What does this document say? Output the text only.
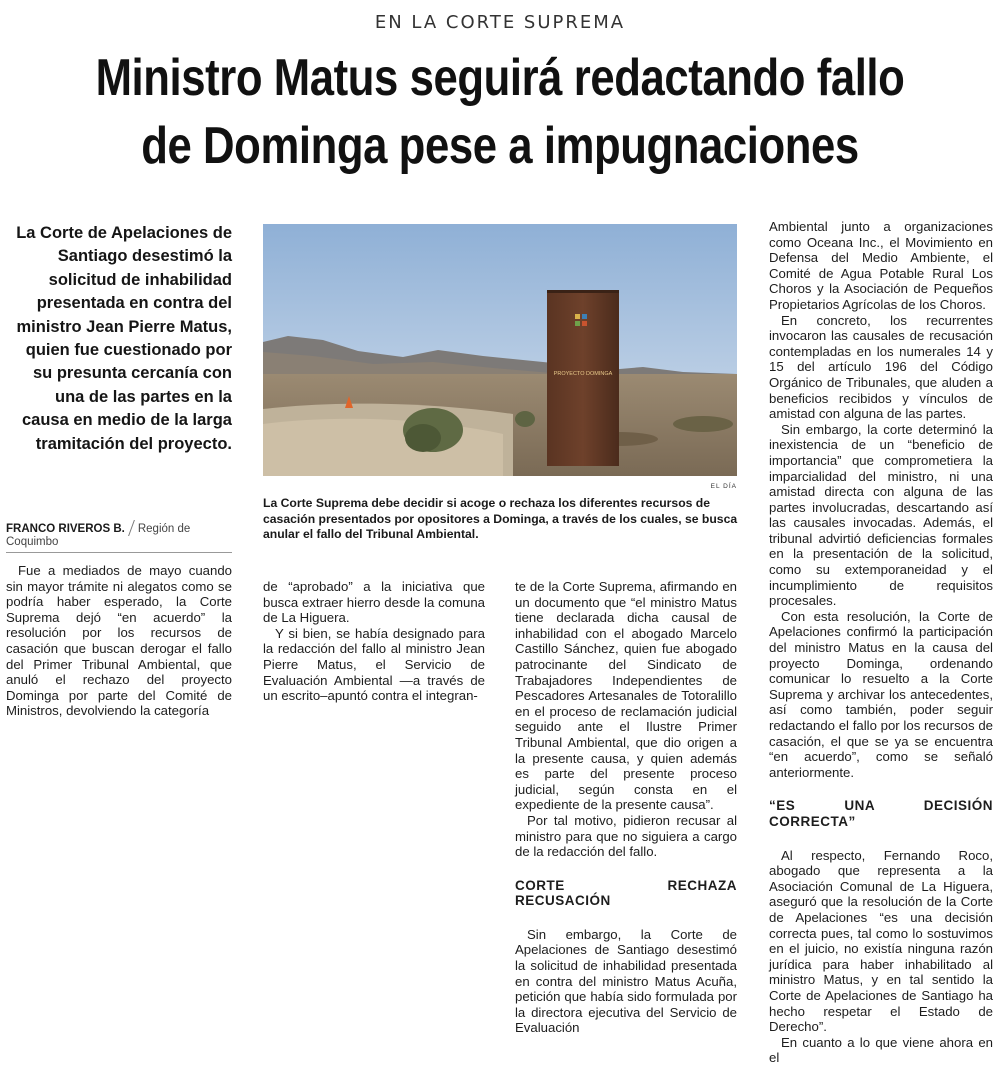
EN LA CORTE SUPREMA
Ministro Matus seguirá redactando fallo
de Dominga pese a impugnaciones
La Corte de Apelaciones de Santiago desestimó la solicitud de inhabilidad presentada en contra del ministro Jean Pierre Matus, quien fue cuestionado por su presunta cercanía con una de las partes en la causa en medio de la larga tramitación del proyecto.
FRANCO RIVEROS B. Región de Coquimbo
PROYECTO DOMINGA
EL DÍA
La Corte Suprema debe decidir si acoge o rechaza los diferentes recursos de casación presentados por opositores a Dominga, a través de los cuales, se busca anular el fallo del Tribunal Ambiental.

Fue a mediados de mayo cuando sin mayor trámite ni alegatos como se podría haber esperado, la Corte Suprema dejó “en acuerdo” la resolución por los recursos de casación que buscan derogar el fallo del Primer Tribunal Ambiental, que anuló el rechazo del proyecto Dominga por parte del Comité de Ministros, devolviendo la categoría

de “aprobado” a la iniciativa que busca extraer hierro desde la comuna de La Higuera.

Y si bien, se había designado para la redacción del fallo al ministro Jean Pierre Matus, el Servicio de Evaluación Ambiental —a través de un escrito–apuntó contra el integran-

te de la Corte Suprema, afirmando en un documento que “el ministro Matus tiene declarada dicha causal de inhabilidad con el abogado Marcelo Castillo Sánchez, quien fue abogado patrocinante del Sindicato de Trabajadores Independientes de Pescadores Artesanales de Totoralillo en el proceso de reclamación judicial seguido ante el Ilustre Primer Tribunal Ambiental, que dio origen a la presente causa, y quien además es parte del presente proceso judicial, según consta en el expediente de la presente causa”.

Por tal motivo, pidieron recusar al ministro para que no siguiera a cargo de la redacción del fallo.

CORTE RECHAZA RECUSACIÓN

Sin embargo, la Corte de Apelaciones de Santiago desestimó la solicitud de inhabilidad presentada en contra del ministro Matus Acuña, petición que había sido formulada por la directora ejecutiva del Servicio de Evaluación

Ambiental junto a organizaciones como Oceana Inc., el Movimiento en Defensa del Medio Ambiente, el Comité de Agua Potable Rural Los Choros y la Asociación de Pequeños Propietarios Agrícolas de los Choros.

En concreto, los recurrentes invocaron las causales de recusación contempladas en los numerales 14 y 15 del artículo 196 del Código Orgánico de Tribunales, que aluden a beneficios recibidos y vínculos de amistad con alguna de las partes.

Sin embargo, la corte determinó la inexistencia de un “beneficio de importancia” que comprometiera la imparcialidad del ministro, ni una amistad directa con alguna de las partes involucradas, descartando así las causales invocadas. Además, el tribunal advirtió deficiencias formales en la presentación de la solicitud, como su extemporaneidad y el incumplimiento de requisitos procesales.

Con esta resolución, la Corte de Apelaciones confirmó la participación del ministro Matus en la causa del proyecto Dominga, ordenando comunicar lo resuelto a la Corte Suprema y archivar los antecedentes, así como también, poder seguir redactando el fallo por los recursos de casación, el que se ya se encuentra “en acuerdo”, como se señaló anteriormente.

“ES UNA DECISIÓN CORRECTA”

Al respecto, Fernando Roco, abogado que representa a la Asociación Comunal de La Higuera, aseguró que la resolución de la Corte de Apelaciones “es una decisión correcta pues, tal como lo sostuvimos en el juicio, no existía ninguna razón jurídica para haber inhabilitado al ministro Matus, y en tal sentido la Corte de Apelaciones de Santiago ha hecho respetar el Estado de Derecho”.

En cuanto a lo que viene ahora en el
